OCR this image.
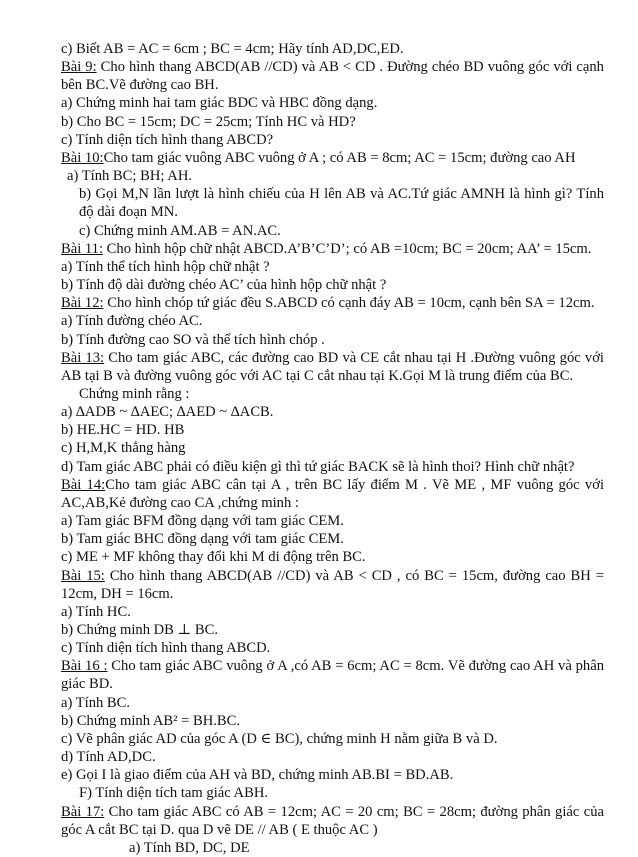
c) Biết AB = AC = 6cm ; BC = 4cm; Hãy tính AD,DC,ED.
Bài 9: Cho hình thang ABCD(AB //CD) và AB < CD . Đường chéo BD vuông góc với cạnh bên BC.Vẽ đường cao BH.
a) Chứng minh hai tam giác BDC và HBC đồng dạng.
b) Cho BC = 15cm; DC = 25cm; Tính HC và HD?
c) Tính diện tích hình thang ABCD?
Bài 10:Cho tam giác vuông ABC vuông ở A ; có AB = 8cm; AC = 15cm; đường cao AH
a) Tính BC; BH; AH.
b) Gọi M,N lần lượt là hình chiếu của H lên AB và AC.Tứ giác AMNH là hình gì? Tính độ dài đoạn MN.
c) Chứng minh AM.AB = AN.AC.
Bài 11: Cho hình hộp chữ nhật ABCD.A’B’C’D’; có AB =10cm; BC = 20cm; AA’ = 15cm.
a) Tính thể tích hình hộp chữ nhật ?
b) Tính độ dài đường chéo AC’ của hình hộp chữ nhật ?
Bài 12: Cho hình chóp tứ giác đều S.ABCD có cạnh đáy AB = 10cm, cạnh bên SA = 12cm.
a) Tính đường chéo AC.
b) Tính đường cao SO và thể tích hình chóp .
Bài 13: Cho tam giác ABC, các đường cao BD và CE cắt nhau tại H .Đường vuông góc với AB tại B và đường vuông góc với AC tại C cắt nhau tại K.Gọi M là trung điểm của BC.
Chứng minh rằng :
a) ∆ADB ~ ∆AEC; ∆AED ~ ∆ACB.
b) HE.HC = HD. HB
c) H,M,K thẳng hàng
d) Tam giác ABC phải có điều kiện gì thì tứ giác BACK sẽ là hình thoi? Hình chữ nhật?
Bài 14:Cho tam giác ABC cân tại A , trên BC lấy điểm M . Vẽ ME , MF vuông góc với AC,AB,Kẻ đường cao CA ,chứng minh :
a) Tam giác BFM đồng dạng với tam giác CEM.
b) Tam giác BHC đồng dạng với tam giác CEM.
c) ME + MF không thay đổi khi M di động trên BC.
Bài 15: Cho hình thang ABCD(AB //CD) và AB < CD , có BC = 15cm, đường cao BH = 12cm, DH = 16cm.
a) Tính HC.
b) Chứng minh DB ⊥ BC.
c) Tính diện tích hình thang ABCD.
Bài 16 : Cho tam giác ABC vuông ở A ,có AB = 6cm; AC = 8cm. Vẽ đường cao AH và phân giác BD.
a) Tính BC.
b) Chứng minh AB² = BH.BC.
c) Vẽ phân giác AD của góc A (D ∈ BC), chứng minh H nằm giữa B và D.
d) Tính AD,DC.
e) Gọi I là giao điểm của AH và BD, chứng minh AB.BI = BD.AB.
F) Tính diện tích tam giác ABH.
Bài 17: Cho tam giác ABC có AB = 12cm; AC = 20 cm; BC = 28cm; đường phân giác của góc A cắt BC tại D. qua D vẽ DE // AB ( E thuộc AC )
a) Tính BD, DC, DE
